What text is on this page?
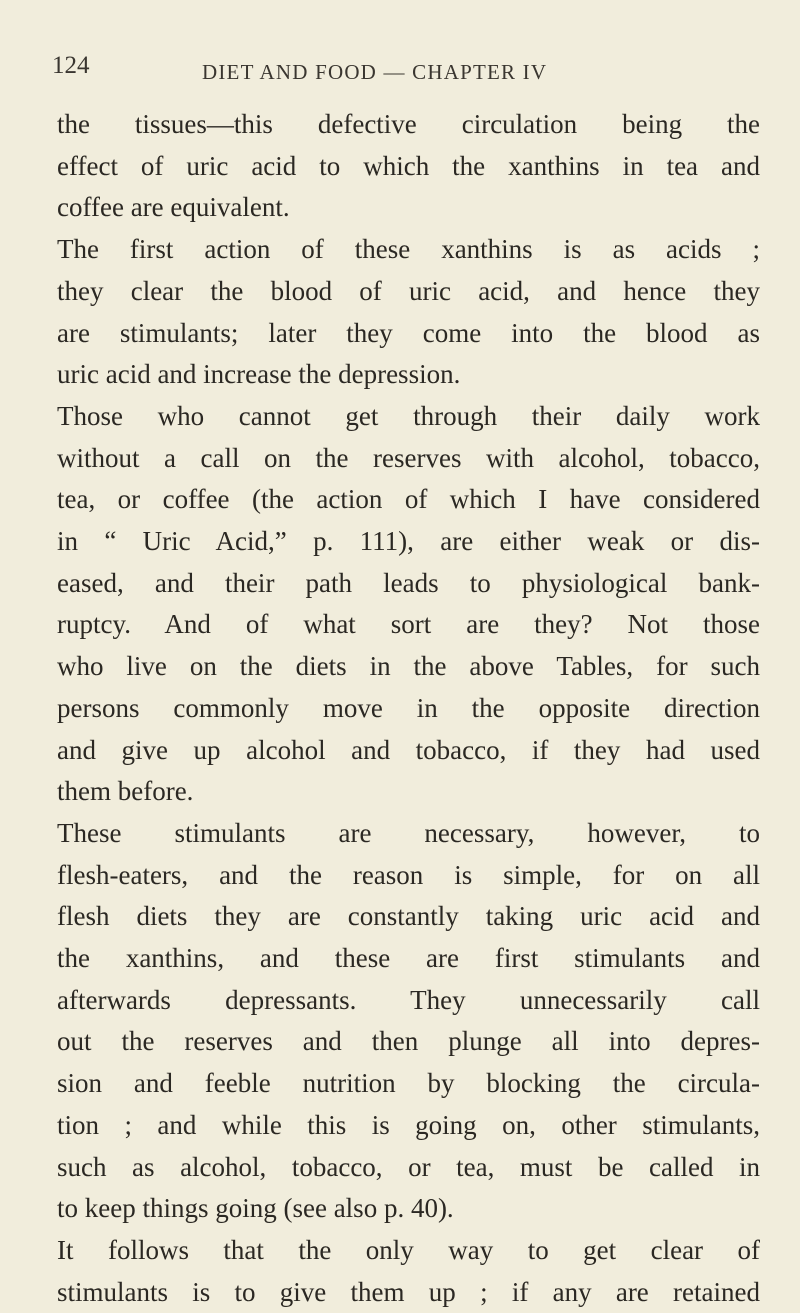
124	DIET AND FOOD — CHAPTER IV
the tissues—this defective circulation being the
effect of uric acid to which the xanthins in tea and
coffee are equivalent.
The first action of these xanthins is as acids ;
they clear the blood of uric acid, and hence they
are stimulants; later they come into the blood as
uric acid and increase the depression.
Those who cannot get through their daily work
without a call on the reserves with alcohol, tobacco,
tea, or coffee (the action of which I have considered
in “ Uric Acid,” p. 111), are either weak or dis-
eased, and their path leads to physiological bank-
ruptcy. And of what sort are they? Not those
who live on the diets in the above Tables, for such
persons commonly move in the opposite direction
and give up alcohol and tobacco, if they had used
them before.
These stimulants are necessary, however, to
flesh-eaters, and the reason is simple, for on all
flesh diets they are constantly taking uric acid and
the xanthins, and these are first stimulants and
afterwards depressants. They unnecessarily call
out the reserves and then plunge all into depres-
sion and feeble nutrition by blocking the circula-
tion ; and while this is going on, other stimulants,
such as alcohol, tobacco, or tea, must be called in
to keep things going (see also p. 40).
It follows that the only way to get clear of
stimulants is to give them up ; if any are retained
